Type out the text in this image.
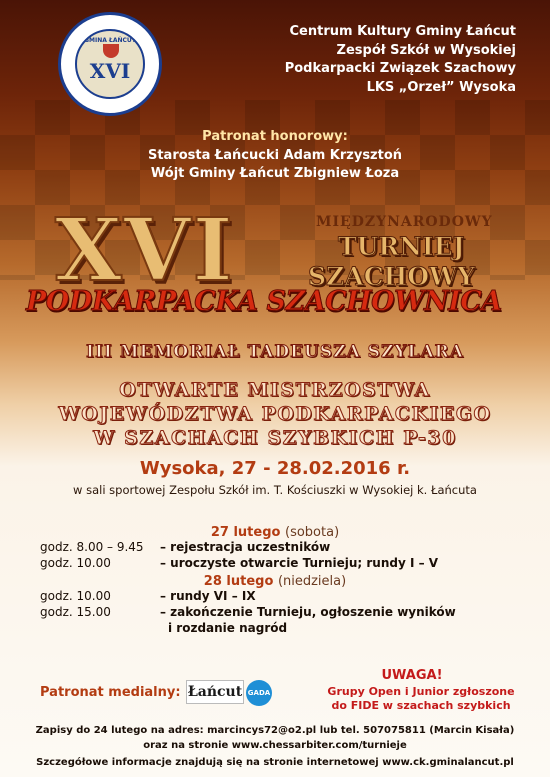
GMINA ŁAŃCUT
XVI
Centrum Kultury Gminy Łańcut
Zespół Szkół w Wysokiej
Podkarpacki Związek Szachowy
LKS „Orzeł” Wysoka
Patronat honorowy:
Starosta Łańcucki Adam Krzysztoń
Wójt Gminy Łańcut Zbigniew Łoza
XVI	MIĘDZYNARODOWY
TURNIEJ
SZACHOWY
PODKARPACKA SZACHOWNICA
III MEMORIAŁ TADEUSZA SZYLARA
OTWARTE MISTRZOSTWA
WOJEWÓDZTWA PODKARPACKIEGO
W SZACHACH SZYBKICH P-30
Wysoka, 27 - 28.02.2016 r.
w sali sportowej Zespołu Szkół im. T. Kościuszki w Wysokiej k. Łańcuta
27 lutego (sobota)
godz. 8.00 – 9.45 – rejestracja uczestników
godz. 10.00	– uroczyste otwarcie Turnieju; rundy I – V
28 lutego (niedziela)
godz. 10.00	– rundy VI – IX
godz. 15.00	– zakończenie Turnieju, ogłoszenie wyników
i rozdanie nagród
Patronat medialny: Łańcut GADA
UWAGA!
Grupy Open i Junior zgłoszone
do FIDE w szachach szybkich
Zapisy do 24 lutego na adres: marcincys72@o2.pl lub tel. 507075811 (Marcin Kisała)
oraz na stronie www.chessarbiter.com/turnieje
Szczegółowe informacje znajdują się na stronie internetowej www.ck.gminalancut.pl
